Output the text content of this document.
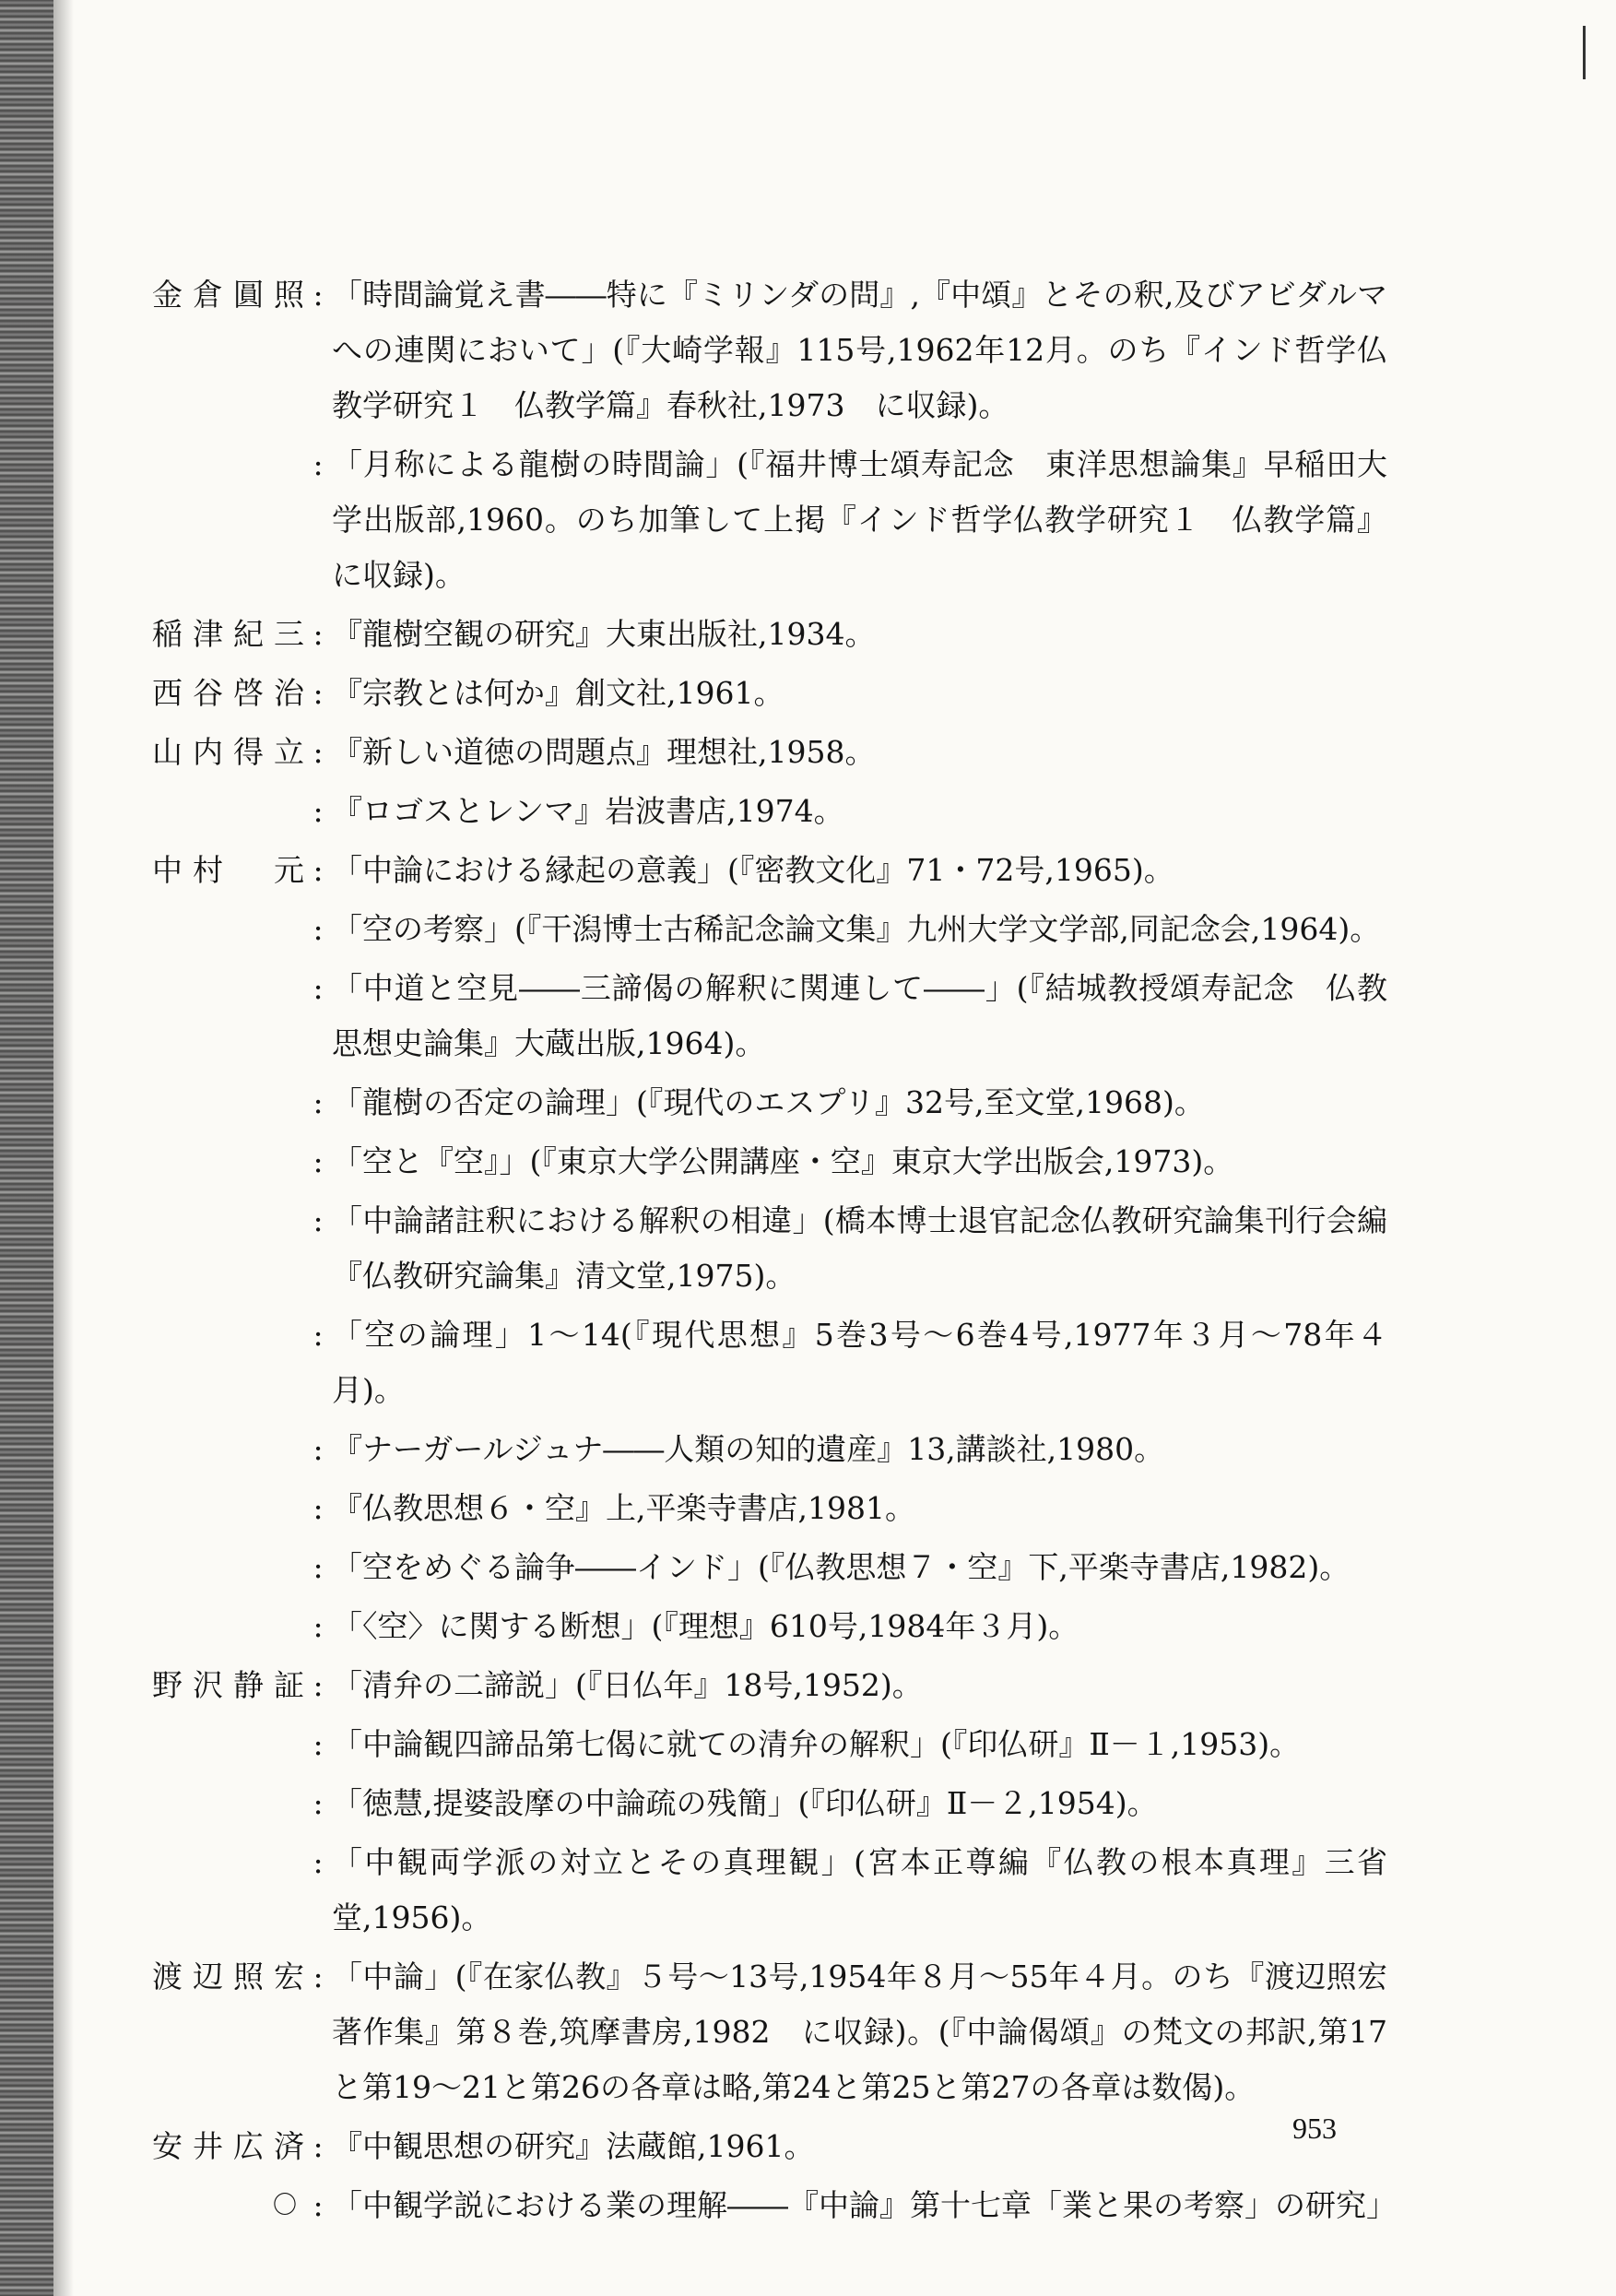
金倉圓照 : 「時間論覚え書――特に『ミリンダの問』,『中頌』とその釈,及びアビダルマへの連関において」(『大崎学報』115号,1962年12月。のち『インド哲学仏教学研究１　仏教学篇』春秋社,1973　に収録)。
: 「月称による龍樹の時間論」(『福井博士頌寿記念　東洋思想論集』早稲田大学出版部,1960。のち加筆して上掲『インド哲学仏教学研究１　仏教学篇』に収録)。
稲津紀三 : 『龍樹空観の研究』大東出版社,1934。
西谷啓治 : 『宗教とは何か』創文社,1961。
山内得立 : 『新しい道徳の問題点』理想社,1958。
: 『ロゴスとレンマ』岩波書店,1974。
中村　元 : 「中論における縁起の意義」(『密教文化』71・72号,1965)。
: 「空の考察」(『干潟博士古稀記念論文集』九州大学文学部,同記念会,1964)。
: 「中道と空見――三諦偈の解釈に関連して――」(『結城教授頌寿記念　仏教思想史論集』大蔵出版,1964)。
: 「龍樹の否定の論理」(『現代のエスプリ』32号,至文堂,1968)。
: 「空と『空』」(『東京大学公開講座・空』東京大学出版会,1973)。
: 「中論諸註釈における解釈の相違」(橋本博士退官記念仏教研究論集刊行会編『仏教研究論集』清文堂,1975)。
: 「空の論理」1～14(『現代思想』5巻3号～6巻4号,1977年３月～78年４月)。
: 『ナーガールジュナ――人類の知的遺産』13,講談社,1980。
: 『仏教思想６・空』上,平楽寺書店,1981。
: 「空をめぐる論争――インド」(『仏教思想７・空』下,平楽寺書店,1982)。
: 「〈空〉に関する断想」(『理想』610号,1984年３月)。
野沢静証 : 「清弁の二諦説」(『日仏年』18号,1952)。
: 「中論観四諦品第七偈に就ての清弁の解釈」(『印仏研』Ⅱ－１,1953)。
: 「徳慧,提婆設摩の中論疏の残簡」(『印仏研』Ⅱ－２,1954)。
: 「中観両学派の対立とその真理観」(宮本正尊編『仏教の根本真理』三省堂,1956)。
渡辺照宏 : 「中論」(『在家仏教』５号～13号,1954年８月～55年４月。のち『渡辺照宏著作集』第８巻,筑摩書房,1982　に収録)。(『中論偈頌』の梵文の邦訳,第17と第19～21と第26の各章は略,第24と第25と第27の各章は数偈)。
安井広済 : 『中観思想の研究』法蔵館,1961。
〇 : 「中観学説における業の理解――『中論』第十七章「業と果の考察」の研究」
953
